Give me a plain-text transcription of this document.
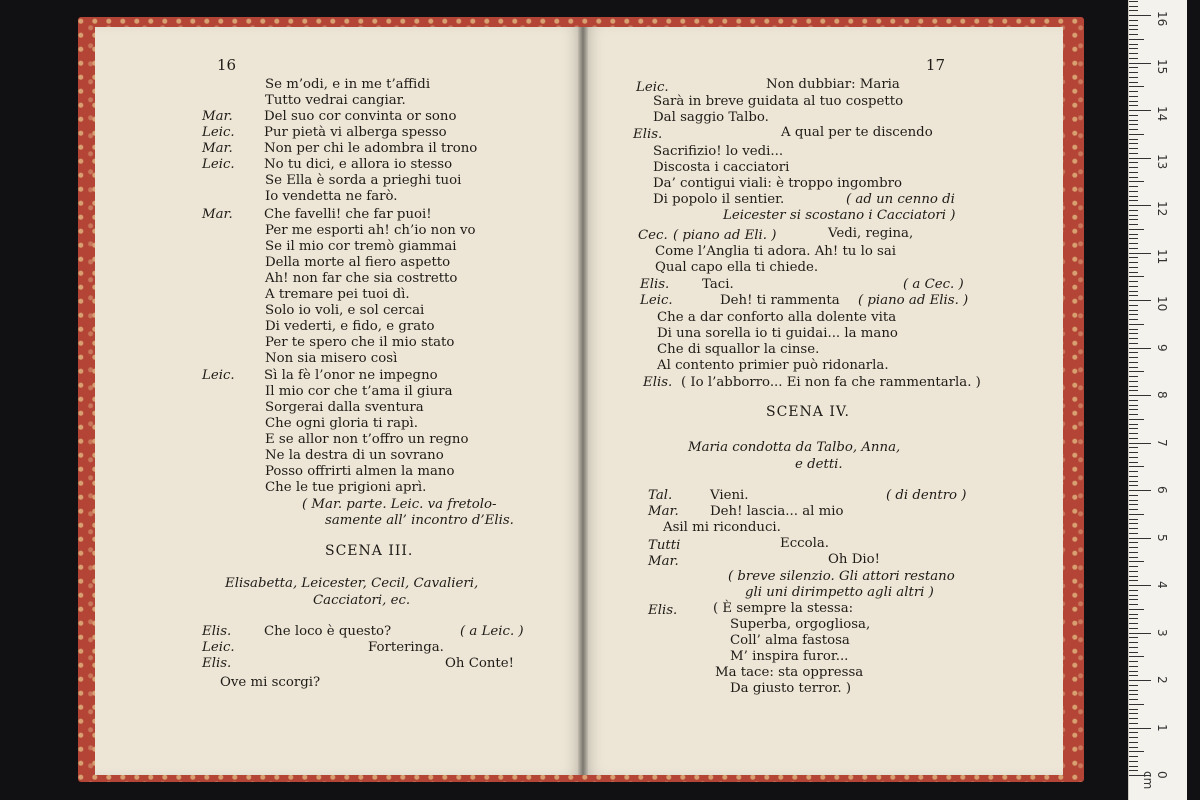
16
Se m’odi, e in me t’affidi
Tutto vedrai cangiar.
Mar. Del suo cor convinta or sono
Leic. Pur pietà vi alberga spesso
Mar. Non per chi le adombra il trono
Leic. No tu dici, e allora io stesso
Se Ella è sorda a prieghi tuoi
Io vendetta ne farò.
Mar. Che favelli! che far puoi!
Per me esporti ah! ch’io non vo
Se il mio cor tremò giammai
Della morte al fiero aspetto
Ah! non far che sia costretto
A tremare pei tuoi dì.
Solo io voli, e sol cercai
Di vederti, e fido, e grato
Per te spero che il mio stato
Non sia misero così
Leic. Sì la fè l’onor ne impegno
Il mio cor che t’ama il giura
Sorgerai dalla sventura
Che ogni gloria ti rapì.
E se allor non t’offro un regno
Ne la destra di un sovrano
Posso offrirti almen la mano
Che le tue prigioni aprì.
( Mar. parte. Leic. va fretolo-
samente all’ incontro d’Elis.
SCENA III.
Elisabetta, Leicester, Cecil, Cavalieri,
Cacciatori, ec.
Elis. Che loco è questo?	( a Leic. )
Leic.	Forteringa.
Elis.	Oh Conte!
Ove mi scorgi?
17
Leic.	Non dubbiar: Maria
Sarà in breve guidata al tuo cospetto
Dal saggio Talbo.
Elis.	A qual per te discendo
Sacrifizio! lo vedi...
Discosta i cacciatori
Da’ contigui viali: è troppo ingombro
Di popolo il sentier.	( ad un cenno di
Leicester si scostano i Cacciatori )
Cec. ( piano ad Eli. )	Vedi, regina,
Come l’Anglia ti adora. Ah! tu lo sai
Qual capo ella ti chiede.
Elis. Taci.	( a Cec. )
Leic.	Deh! ti rammenta ( piano ad Elis. )
Che a dar conforto alla dolente vita
Di una sorella io ti guidai... la mano
Che di squallor la cinse.
Al contento primier può ridonarla.
Elis. ( Io l’abborro... Ei non fa che rammentarla. )
SCENA IV.
Maria condotta da Talbo, Anna,
e detti.
Tal.	Vieni.	( di dentro )
Mar. Deh! lascia... al mio
Asil mi riconduci.
Tutti	Eccola.
Mar.	Oh Dio!
( breve silenzio. Gli attori restano
gli uni dirimpetto agli altri )
Elis.	( È sempre la stessa:
Superba, orgogliosa,
Coll’ alma fastosa
M’ inspira furor...
Ma tace: sta oppressa
Da giusto terror. )
0 cm
1
2
3
4
5
6
7
8
9
10
11
12
13
14
15
16
